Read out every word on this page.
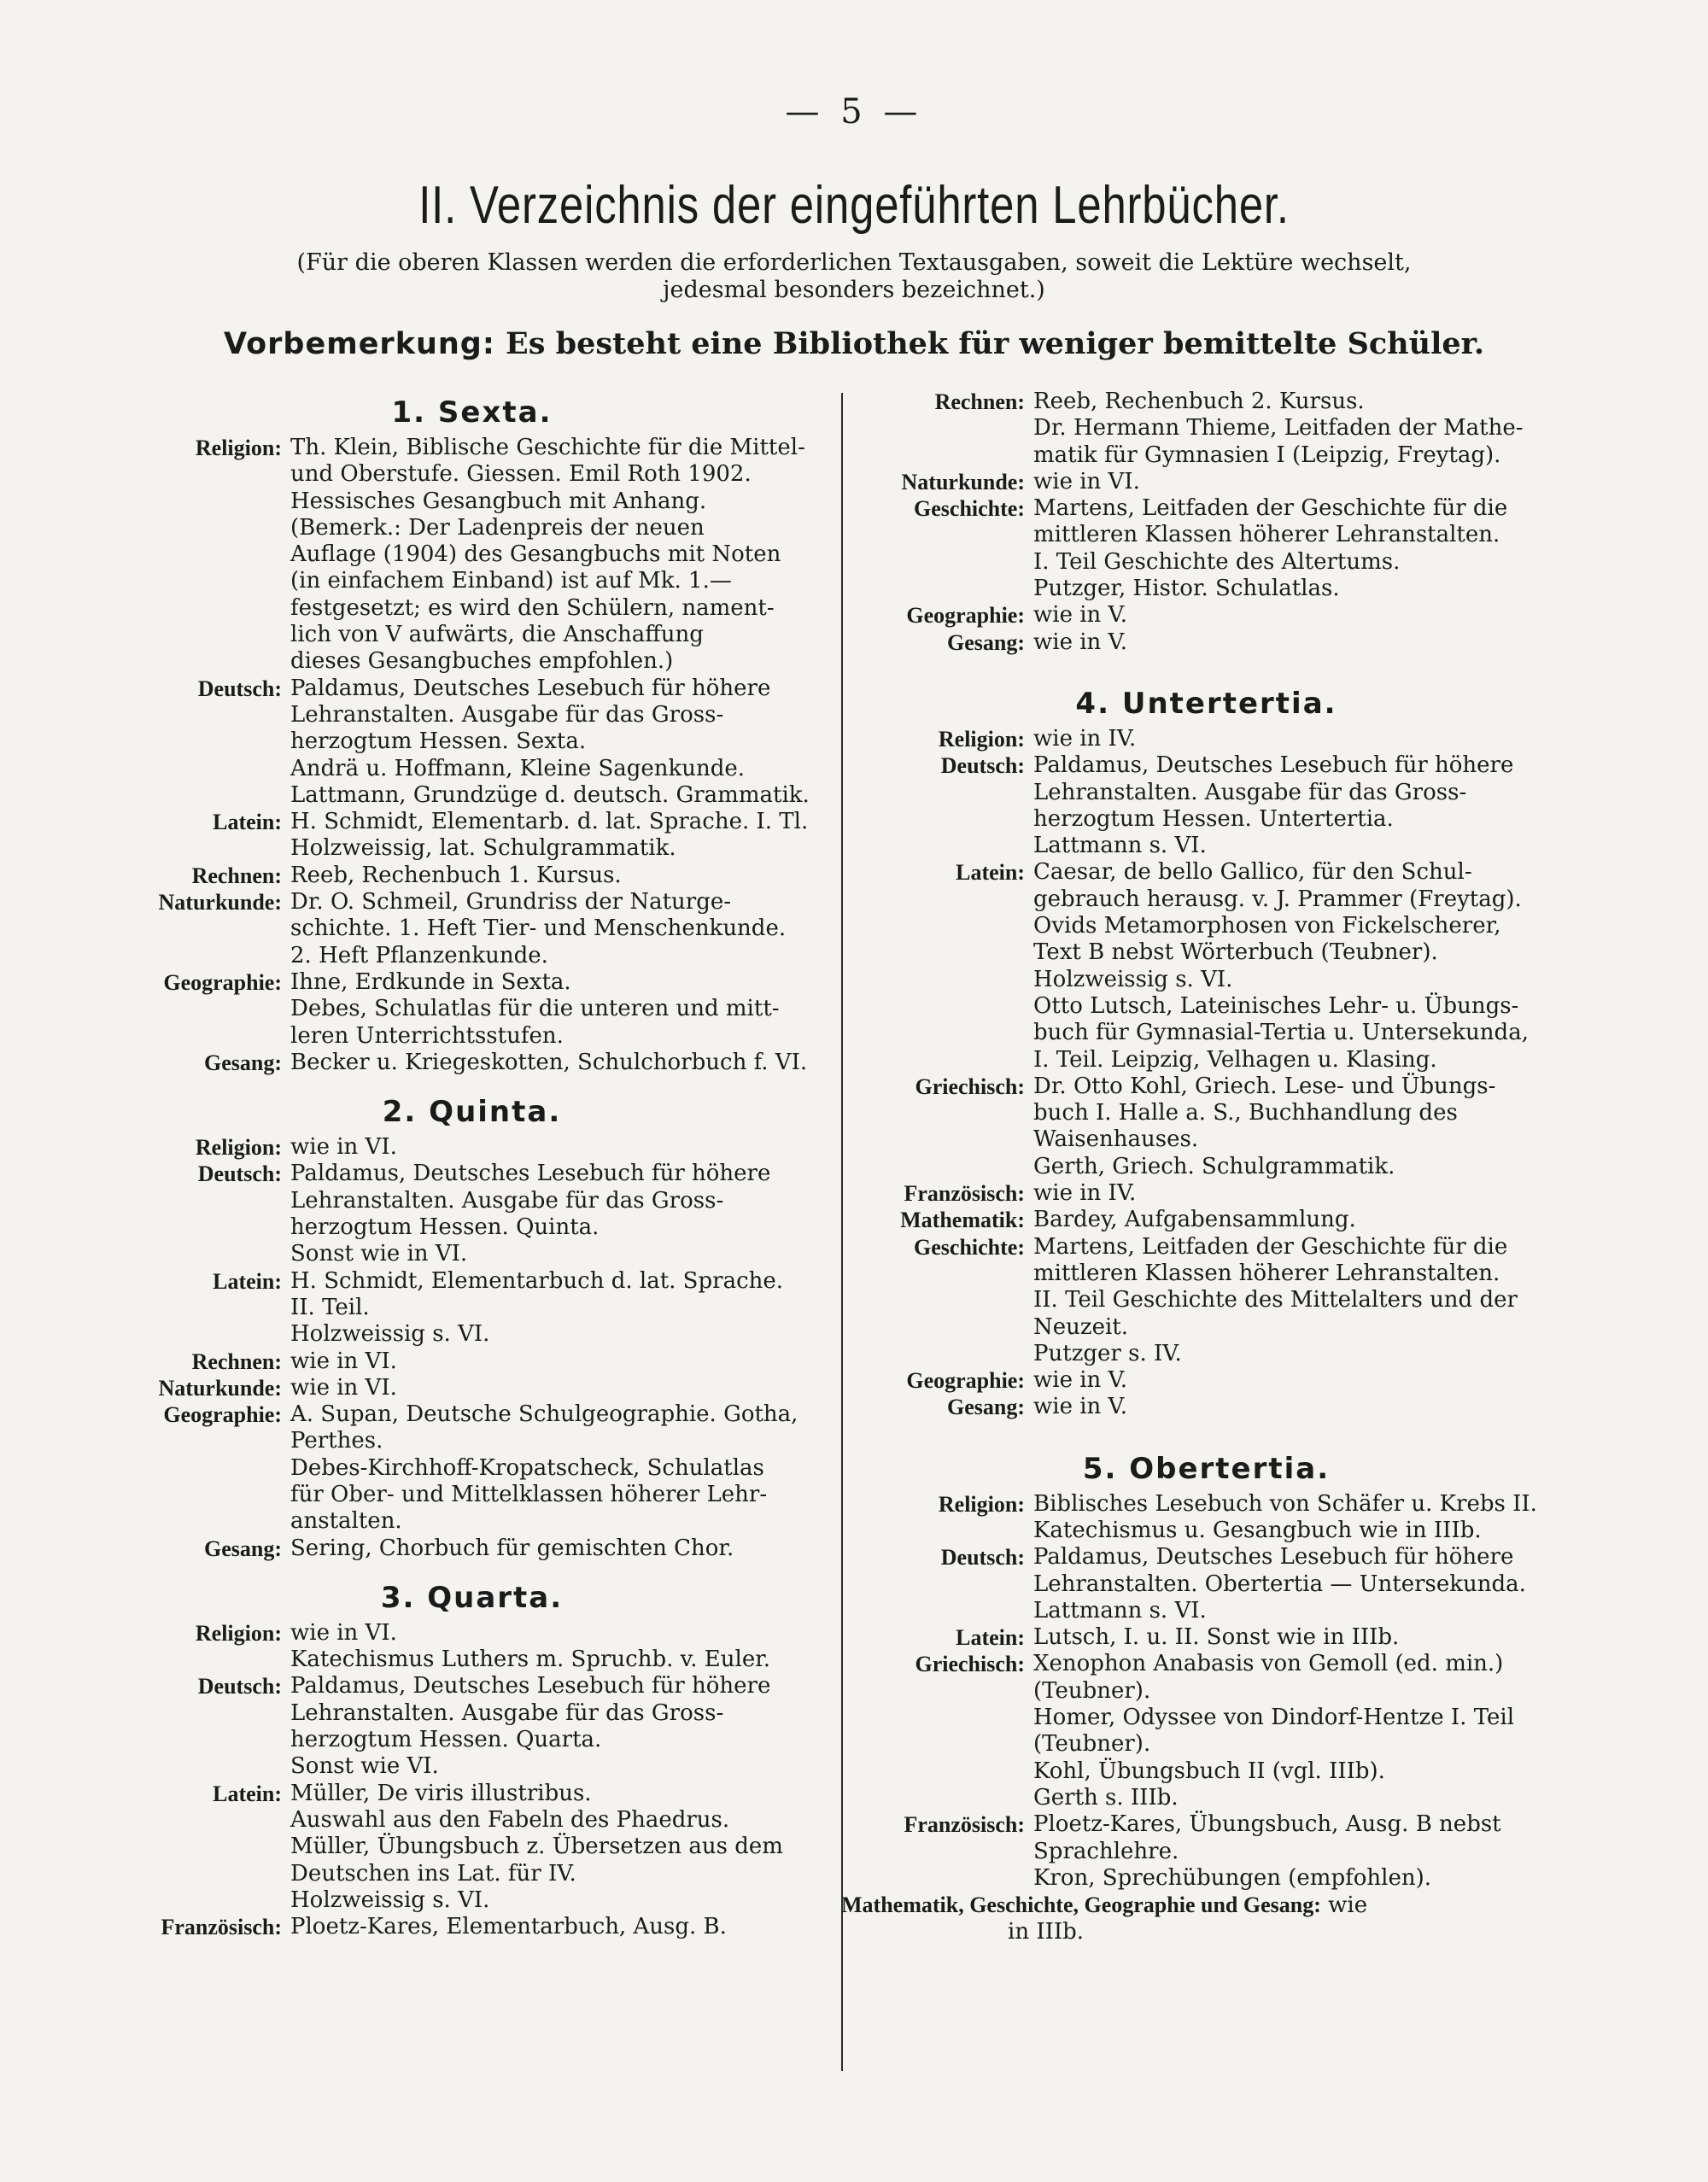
— 5 —
II. Verzeichnis der eingeführten Lehrbücher.
(Für die oberen Klassen werden die erforderlichen Textausgaben, soweit die Lektüre wechselt,
jedesmal besonders bezeichnet.)
Vorbemerkung: Es besteht eine Bibliothek für weniger bemittelte Schüler.
1. Sexta.
Religion: Th. Klein, Biblische Geschichte für die Mittel-
und Oberstufe. Giessen. Emil Roth 1902.
Hessisches Gesangbuch mit Anhang.
(Bemerk.: Der Ladenpreis der neuen
Auflage (1904) des Gesangbuchs mit Noten
(in einfachem Einband) ist auf Mk. 1.—
festgesetzt; es wird den Schülern, nament-
lich von V aufwärts, die Anschaffung
dieses Gesangbuches empfohlen.)
Deutsch: Paldamus, Deutsches Lesebuch für höhere
Lehranstalten. Ausgabe für das Gross-
herzogtum Hessen. Sexta.
Andrä u. Hoffmann, Kleine Sagenkunde.
Lattmann, Grundzüge d. deutsch. Grammatik.
Latein: H. Schmidt, Elementarb. d. lat. Sprache. I. Tl.
Holzweissig, lat. Schulgrammatik.
Rechnen: Reeb, Rechenbuch 1. Kursus.
Naturkunde: Dr. O. Schmeil, Grundriss der Naturge-
schichte. 1. Heft Tier- und Menschenkunde.
2. Heft Pflanzenkunde.
Geographie: Ihne, Erdkunde in Sexta.
Debes, Schulatlas für die unteren und mitt-
leren Unterrichtsstufen.
Gesang: Becker u. Kriegeskotten, Schulchorbuch f. VI.
2. Quinta.
Religion: wie in VI.
Deutsch: Paldamus, Deutsches Lesebuch für höhere
Lehranstalten. Ausgabe für das Gross-
herzogtum Hessen. Quinta.
Sonst wie in VI.
Latein: H. Schmidt, Elementarbuch d. lat. Sprache.
II. Teil.
Holzweissig s. VI.
Rechnen: wie in VI.
Naturkunde: wie in VI.
Geographie: A. Supan, Deutsche Schulgeographie. Gotha,
Perthes.
Debes-Kirchhoff-Kropatscheck, Schulatlas
für Ober- und Mittelklassen höherer Lehr-
anstalten.
Gesang: Sering, Chorbuch für gemischten Chor.
3. Quarta.
Religion: wie in VI.
Katechismus Luthers m. Spruchb. v. Euler.
Deutsch: Paldamus, Deutsches Lesebuch für höhere
Lehranstalten. Ausgabe für das Gross-
herzogtum Hessen. Quarta.
Sonst wie VI.
Latein: Müller, De viris illustribus.
Auswahl aus den Fabeln des Phaedrus.
Müller, Übungsbuch z. Übersetzen aus dem
Deutschen ins Lat. für IV.
Holzweissig s. VI.
Französisch: Ploetz-Kares, Elementarbuch, Ausg. B.
Rechnen: Reeb, Rechenbuch 2. Kursus.
Dr. Hermann Thieme, Leitfaden der Mathe-
matik für Gymnasien I (Leipzig, Freytag).
Naturkunde: wie in VI.
Geschichte: Martens, Leitfaden der Geschichte für die
mittleren Klassen höherer Lehranstalten.
I. Teil Geschichte des Altertums.
Putzger, Histor. Schulatlas.
Geographie: wie in V.
Gesang: wie in V.
4. Untertertia.
Religion: wie in IV.
Deutsch: Paldamus, Deutsches Lesebuch für höhere
Lehranstalten. Ausgabe für das Gross-
herzogtum Hessen. Untertertia.
Lattmann s. VI.
Latein: Caesar, de bello Gallico, für den Schul-
gebrauch herausg. v. J. Prammer (Freytag).
Ovids Metamorphosen von Fickelscherer,
Text B nebst Wörterbuch (Teubner).
Holzweissig s. VI.
Otto Lutsch, Lateinisches Lehr- u. Übungs-
buch für Gymnasial-Tertia u. Untersekunda,
I. Teil. Leipzig, Velhagen u. Klasing.
Griechisch: Dr. Otto Kohl, Griech. Lese- und Übungs-
buch I. Halle a. S., Buchhandlung des
Waisenhauses.
Gerth, Griech. Schulgrammatik.
Französisch: wie in IV.
Mathematik: Bardey, Aufgabensammlung.
Geschichte: Martens, Leitfaden der Geschichte für die
mittleren Klassen höherer Lehranstalten.
II. Teil Geschichte des Mittelalters und der
Neuzeit.
Putzger s. IV.
Geographie: wie in V.
Gesang: wie in V.
5. Obertertia.
Religion: Biblisches Lesebuch von Schäfer u. Krebs II.
Katechismus u. Gesangbuch wie in IIIb.
Deutsch: Paldamus, Deutsches Lesebuch für höhere
Lehranstalten. Obertertia — Untersekunda.
Lattmann s. VI.
Latein: Lutsch, I. u. II. Sonst wie in IIIb.
Griechisch: Xenophon Anabasis von Gemoll (ed. min.)
(Teubner).
Homer, Odyssee von Dindorf-Hentze I. Teil
(Teubner).
Kohl, Übungsbuch II (vgl. IIIb).
Gerth s. IIIb.
Französisch: Ploetz-Kares, Übungsbuch, Ausg. B nebst
Sprachlehre.
Kron, Sprechübungen (empfohlen).
Mathematik, Geschichte, Geographie und Gesang: wie
in IIIb.
